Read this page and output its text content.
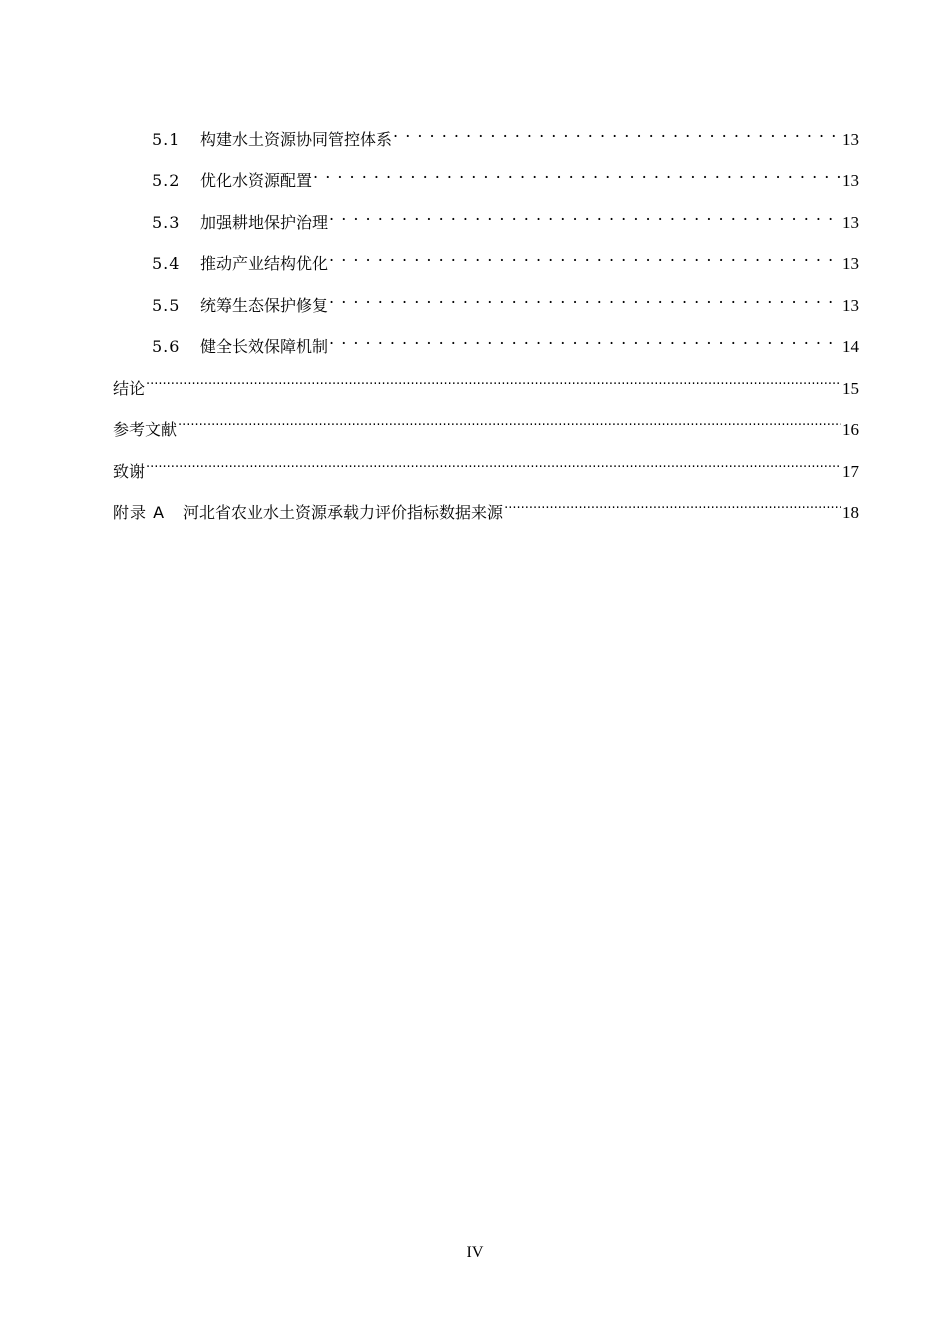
5.1	构建水土资源协同管控体系 . . .	13
5.2	优化水资源配置 . . .	13
5.3	加强耕地保护治理 . . .	13
5.4	推动产业结构优化 . . .	13
5.5	统筹生态保护修复 . . .	13
5.6	健全长效保障机制 . . .	14
结论 .....	15
参考文献 .....	16
致谢 .....	17
附录 A 河北省农业水土资源承载力评价指标数据来源 .....	18
IV
